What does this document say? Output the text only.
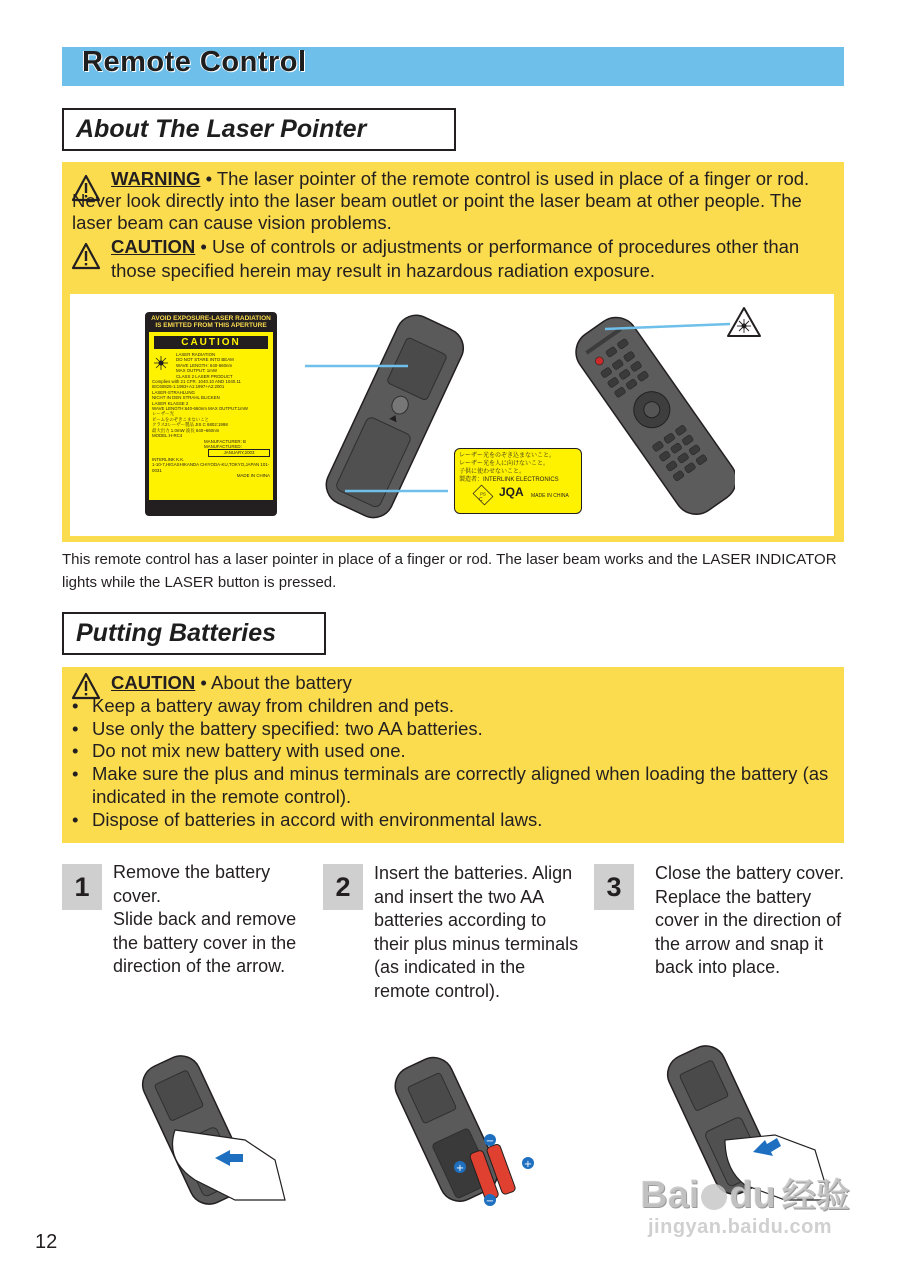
Remote Control
About The Laser Pointer
WARNING • The laser pointer of the remote control is used in place of a finger or rod. Never look directly into the laser beam outlet or point the laser beam at other people. The laser beam can cause vision problems.
CAUTION • Use of controls or adjustments or performance of procedures other than those specified herein may result in hazardous radiation exposure.
AVOID EXPOSURE-LASER RADIATION IS EMITTED FROM THIS APERTURE
CAUTION
LASER RADIATION
DO NOT STARE INTO BEAM
WAVE LENGTH: 640-660nm
MAX OUTPUT: 1mW
CLASS 2 LASER PRODUCT
Complies with 21 CFR. 1040.10 AND 1040.11
IEC60825-1:1993+A1:1997+A2:2001
LASER-STRAHLUNG
NICHT IN DEN STRAHL BLICKEN
LASER KLASSE 2
WAVE LENGTH:640-660nm MAX OUTPUT:1mW
レーザー光
ビームをのぞきこまないこと
クラス2レーザー製品 JIS C 6802:1998
最大出力 1.0mW 波長 640~660nm
MODEL:H-RC4
MANUFACTURER: B
MANUFACTURED:
JANUARY,2003
INTERLINK K.K.
1-10-7,HIGASHIKANDA CHIYODA-KU,TOKYO,JAPAN 101-0031
MADE IN CHINA
レーザー光をのぞき込まないこと。
レーザー光を人に向けないこと。
子供に使わせないこと。
製造者：INTERLINK ELECTRONICS
PS
C
JQA MADE IN CHINA
This remote control has a laser pointer in place of a finger or rod. The laser beam works and the LASER INDICATOR lights while the LASER button is pressed.
Putting Batteries
CAUTION • About the battery
• Keep a battery away from children and pets.
• Use only the battery specified: two AA batteries.
• Do not mix new battery with used one.
• Make sure the plus and minus terminals are correctly aligned when loading the battery (as indicated in the remote control).
• Dispose of batteries in accord with environmental laws.
1	Remove the battery cover.
Slide back and remove the battery cover in the direction of the arrow.
2	Insert the batteries. Align and insert the two AA batteries according to their plus minus terminals (as indicated in the remote control).
3	Close the battery cover.
Replace the battery cover in the direction of the arrow and snap it back into place.
+	+
−
−	Bai du 经验
jingyan.baidu.com
12
